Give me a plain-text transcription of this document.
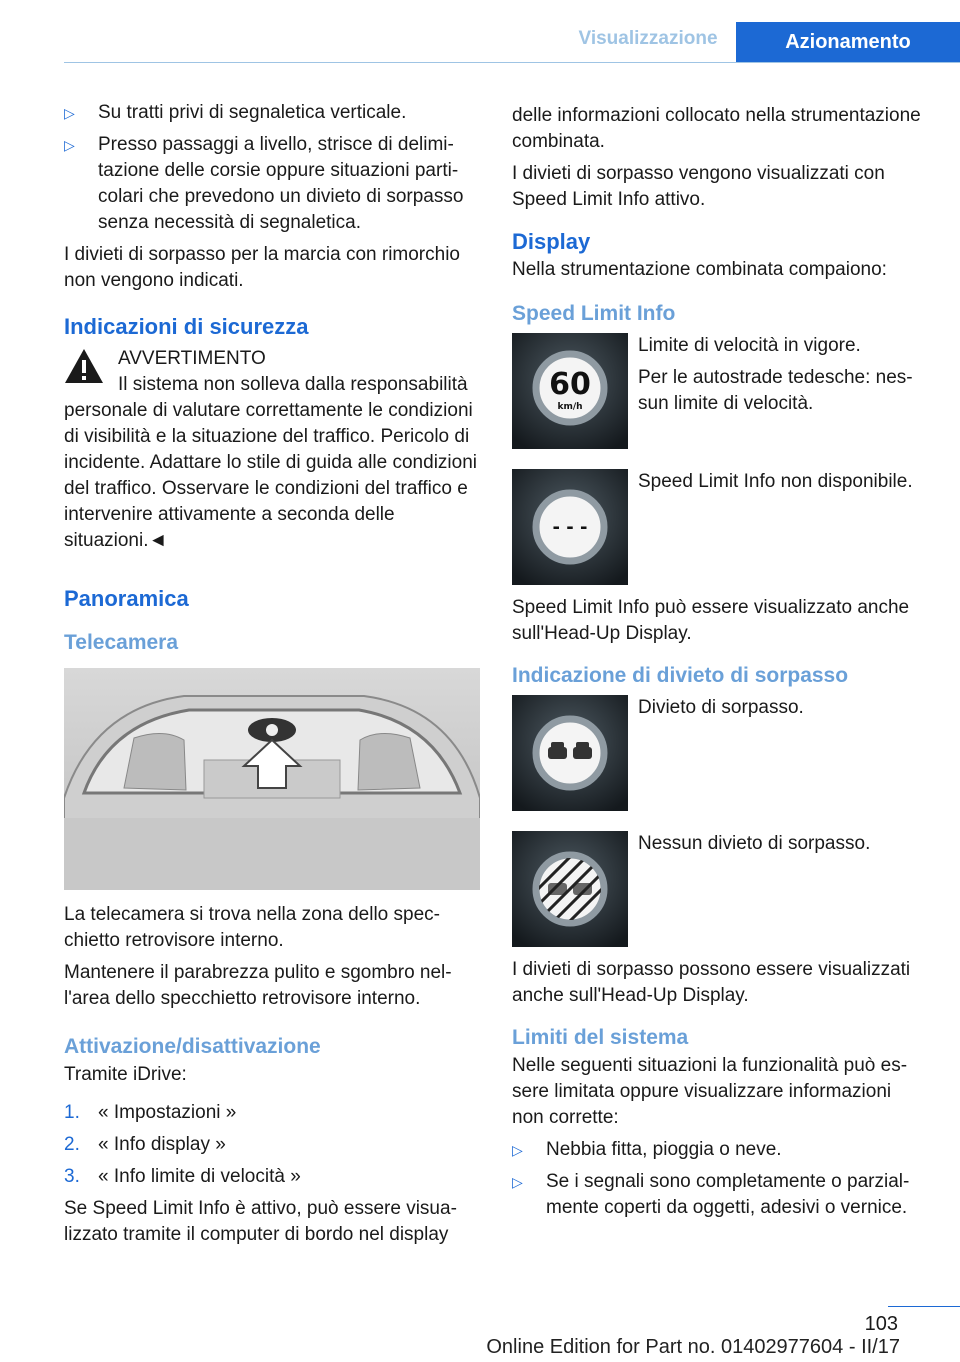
Visualizzazione	Azionamento
▷	Su tratti privi di segnaletica verticale.
▷	Presso passaggi a livello, strisce di delimitazione delle corsie oppure situazioni particolari che prevedono un divieto di sorpasso senza necessità di segnaletica.

I divieti di sorpasso per la marcia con rimorchio non vengono indicati.

Indicazioni di sicurezza
AVVERTIMENTO
Il sistema non solleva dalla responsabilità
personale di valutare correttamente le condizioni di visibilità e la situazione del traffico. Pericolo di incidente. Adattare lo stile di guida alle condizioni del traffico. Osservare le condizioni del traffico e intervenire attivamente a seconda delle situazioni.◄
Panoramica
Telecamera

La telecamera si trova nella zona dello specchietto retrovisore interno.

Mantenere il parabrezza pulito e sgombro nell'area dello specchietto retrovisore interno.

Attivazione/disattivazione

Tramite iDrive:

1. « Impostazioni »
2. « Info display »
3. « Info limite di velocità »

Se Speed Limit Info è attivo, può essere visualizzato tramite il computer di bordo nel display

delle informazioni collocato nella strumentazione combinata.

I divieti di sorpasso vengono visualizzati con Speed Limit Info attivo.

Display

Nella strumentazione combinata compaiono:

Speed Limit Info
60
km/h

Limite di velocità in vigore.

Per le autostrade tedesche: nessun limite di velocità.

- - -

Speed Limit Info non disponibile.

Speed Limit Info può essere visualizzato anche sull'Head-Up Display.

Indicazione di divieto di sorpasso

Divieto di sorpasso.

Nessun divieto di sorpasso.

I divieti di sorpasso possono essere visualizzati anche sull'Head-Up Display.

Limiti del sistema

Nelle seguenti situazioni la funzionalità può essere limitata oppure visualizzare informazioni non corrette:

▷	Nebbia fitta, pioggia o neve.
▷	Se i segnali sono completamente o parzialmente coperti da oggetti, adesivi o vernice.
103
Online Edition for Part no. 01402977604 - II/17
